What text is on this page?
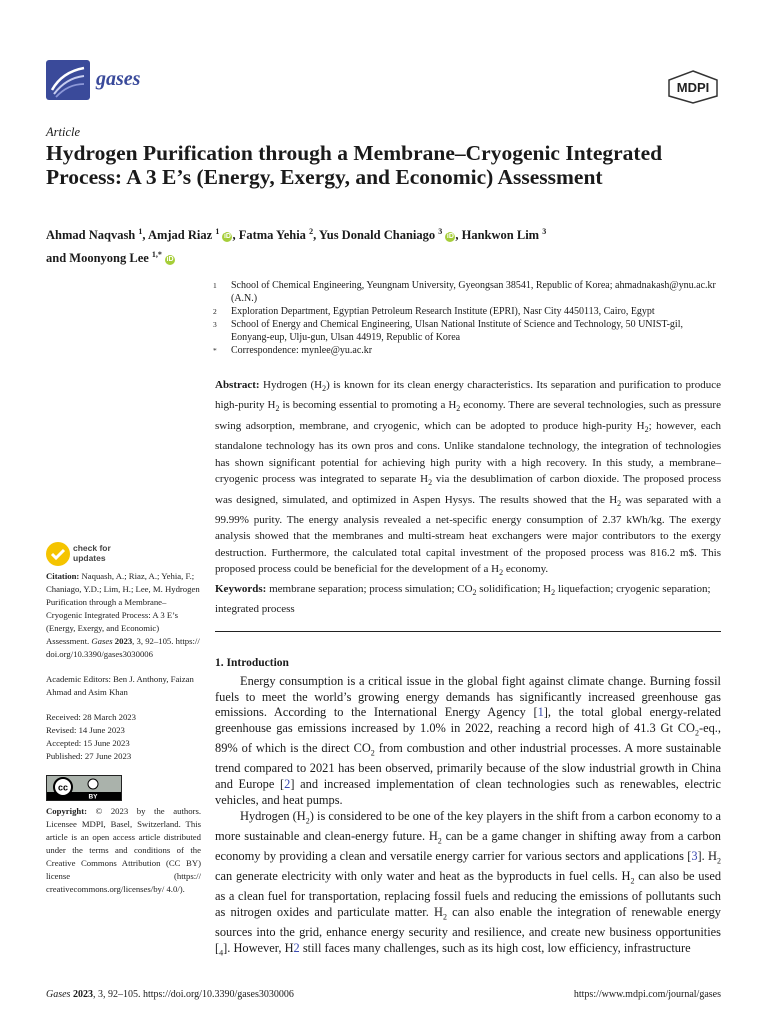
gases	MDPI
Article
Hydrogen Purification through a Membrane–Cryogenic Integrated Process: A 3 E’s (Energy, Exergy, and Economic) Assessment
Ahmad Naqvash $^1$, Amjad Riaz $^1$ iD , Fatma Yehia $^2$, Yus Donald Chaniago $^3$ iD , Hankwon Lim $^3$
and Moonyong Lee $^{1,*}$ iD
1	School of Chemical Engineering, Yeungnam University, Gyeongsan 38541, Republic of Korea; ahmadnakash@ynu.ac.kr (A.N.)
2	Exploration Department, Egyptian Petroleum Research Institute (EPRI), Nasr City 4450113, Cairo, Egypt
3	School of Energy and Chemical Engineering, Ulsan National Institute of Science and Technology, 50 UNIST-gil, Eonyang-eup, Ulju-gun, Ulsan 44919, Republic of Korea
*	Correspondence: mynlee@yu.ac.kr
Abstract: Hydrogen $(H_2)$ is known for its clean energy characteristics. Its separation and purification to produce high-purity $H_2$ is becoming essential to promoting a $H_2$ economy. There are several technologies, such as pressure swing adsorption, membrane, and cryogenic, which can be adopted to produce high-purity $H_2$; however, each standalone technology has its own pros and cons. Unlike standalone technology, the integration of technologies has shown significant potential for achieving high purity with a high recovery. In this study, a membrane–cryogenic process was integrated to separate $H_2$ via the desublimation of carbon dioxide. The proposed process was designed, simulated, and optimized in Aspen Hysys. The results showed that the $H_2$ was separated with a 99.99% purity. The energy analysis revealed a net-specific energy consumption of 2.37 kWh/kg. The exergy analysis showed that the membranes and multi-stream heat exchangers were major contributors to the exergy destruction. Furthermore, the calculated total capital investment of the proposed process was 816.2 m$. This proposed process could be beneficial for the development of a $H_2$ economy.
Keywords: membrane separation; process simulation; $CO_2$ solidification; $H_2$ liquefaction; cryogenic separation; integrated process
1. Introduction

Energy consumption is a critical issue in the global fight against climate change. Burning fossil fuels to meet the world’s growing energy demands has significantly increased greenhouse gas emissions. According to the International Energy Agency [1], the total global energy-related greenhouse gas emissions increased by 1.0% in 2022, reaching a record high of 41.3 Gt $CO_2-eq$., 89% of which is the direct $CO_2$ from combustion and other industrial processes. A more sustainable trend compared to 2021 has been observed, primarily because of the slow industrial growth in China and Europe [2] and increased implementation of clean technologies such as renewables, electric vehicles, and heat pumps.

Hydrogen $(H_2)$ is considered to be one of the key players in the shift from a carbon economy to a more sustainable and clean-energy future. $H_2$ can be a game changer in shifting away from a carbon economy by providing a clean and versatile energy carrier for various sectors and applications [3]. $H_2$ can generate electricity with only water and heat as the byproducts in fuel cells. $H_2$ can also be used as a clean fuel for transportation, replacing fossil fuels and reducing the emissions of pollutants such as nitrogen oxides and particulate matter. $H_2$ can also enable the integration of renewable energy sources into the grid, enhance energy security and resilience, and create new business opportunities $[_4]$. However, H2 still faces many challenges, such as its high cost, low efficiency, infrastructure

check for
updates
Citation: Naquash, A.; Riaz, A.; Yehia, F.; Chaniago, Y.D.; Lim, H.; Lee, M. Hydrogen Purification through a Membrane–Cryogenic Integrated Process: A 3 E’s (Energy, Exergy, and Economic) Assessment. Gases 2023, 3, 92–105. https:// doi.org/10.3390/gases3030006
Academic Editors: Ben J. Anthony, Faizan Ahmad and Asim Khan
Received: 28 March 2023
Revised: 14 June 2023
Accepted: 15 June 2023
Published: 27 June 2023
cc
BY
Copyright: © 2023 by the authors. Licensee MDPI, Basel, Switzerland. This article is an open access article distributed under the terms and conditions of the Creative Commons Attribution (CC BY) license (https:// creativecommons.org/licenses/by/ 4.0/).
Gases 2023, 3, 92–105. https://doi.org/10.3390/gases3030006	https://www.mdpi.com/journal/gases
